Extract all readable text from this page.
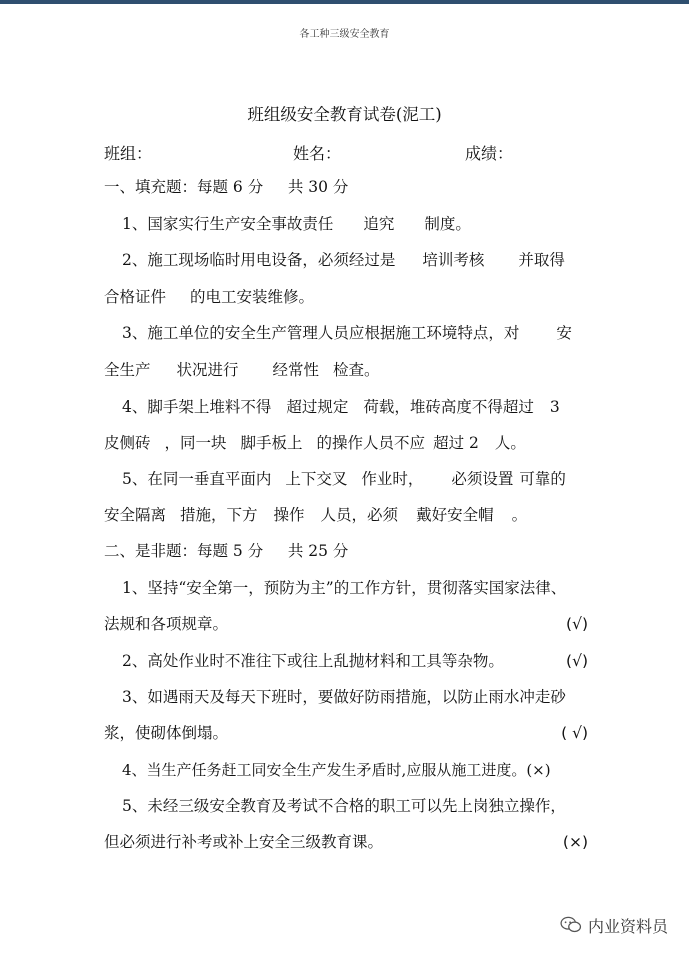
各工种三级安全教育
班组级安全教育试卷(泥工)
班组：	姓名：	成绩：
一、填充题：每题 6 分     共 30 分
1、国家实行生产安全事故责任 追究 制度。
2、施工现场临时用电设备，必须经过是 培训考核 并取得
合格证件 的电工安装维修。
3、施工单位的安全生产管理人员应根据施工环境特点，对 安
全生产 状况进行 经常性 检查。
4、脚手架上堆料不得 超过规定 荷载，堆砖高度不得超过 3
皮侧砖 ，同一块 脚手板上 的操作人员不应 超过 2 人。
5、在同一垂直平面内 上下交叉 作业时， 必须设置 可靠的
安全隔离 措施，下方 操作 人员，必须 戴好安全帽 。
二、是非题：每题 5 分     共 25 分
1、坚持“安全第一，预防为主”的工作方针，贯彻落实国家法律、
法规和各项规章。	(√)
2、高处作业时不准往下或往上乱抛材料和工具等杂物。	(√)
3、如遇雨天及每天下班时，要做好防雨措施，以防止雨水冲走砂
浆，使砌体倒塌。	( √)
4、当生产任务赶工同安全生产发生矛盾时,应服从施工进度。(×)
5、未经三级安全教育及考试不合格的职工可以先上岗独立操作，
但必须进行补考或补上安全三级教育课。	(×)
内业资料员
